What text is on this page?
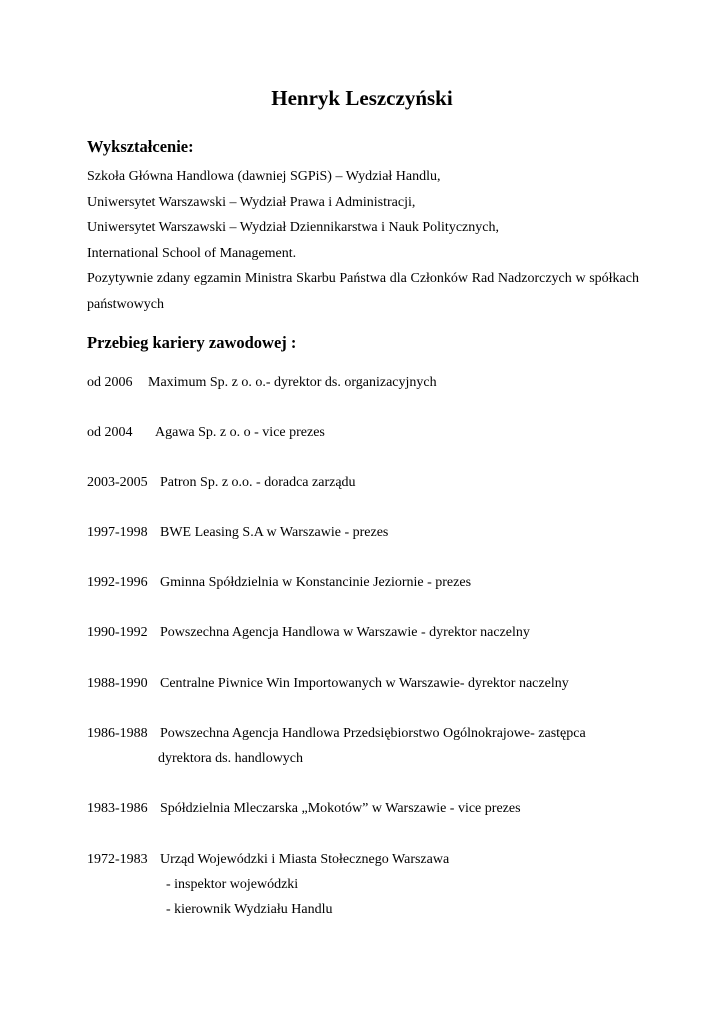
Henryk Leszczyński
Wykształcenie:
Szkoła Główna Handlowa (dawniej SGPiS) – Wydział Handlu,
Uniwersytet Warszawski – Wydział Prawa i Administracji,
Uniwersytet Warszawski – Wydział Dziennikarstwa i Nauk Politycznych,
International School of Management.
Pozytywnie zdany egzamin Ministra Skarbu Państwa dla Członków Rad Nadzorczych w spółkach państwowych
Przebieg kariery zawodowej :
od 2006 Maximum Sp. z o. o.- dyrektor ds. organizacyjnych
od 2004 Agawa Sp. z o. o - vice prezes
2003-2005 Patron Sp. z o.o. - doradca zarządu
1997-1998 BWE Leasing S.A w Warszawie - prezes
1992-1996 Gminna Spółdzielnia w Konstancinie Jeziornie - prezes
1990-1992 Powszechna Agencja Handlowa w Warszawie - dyrektor naczelny
1988-1990 Centralne Piwnice Win Importowanych w Warszawie- dyrektor naczelny
1986-1988 Powszechna Agencja Handlowa Przedsiębiorstwo Ogólnokrajowe- zastępca
dyrektora ds. handlowych
1983-1986 Spółdzielnia Mleczarska „Mokotów” w Warszawie - vice prezes
1972-1983 Urząd Wojewódzki i Miasta Stołecznego Warszawa
- inspektor wojewódzki
- kierownik Wydziału Handlu
